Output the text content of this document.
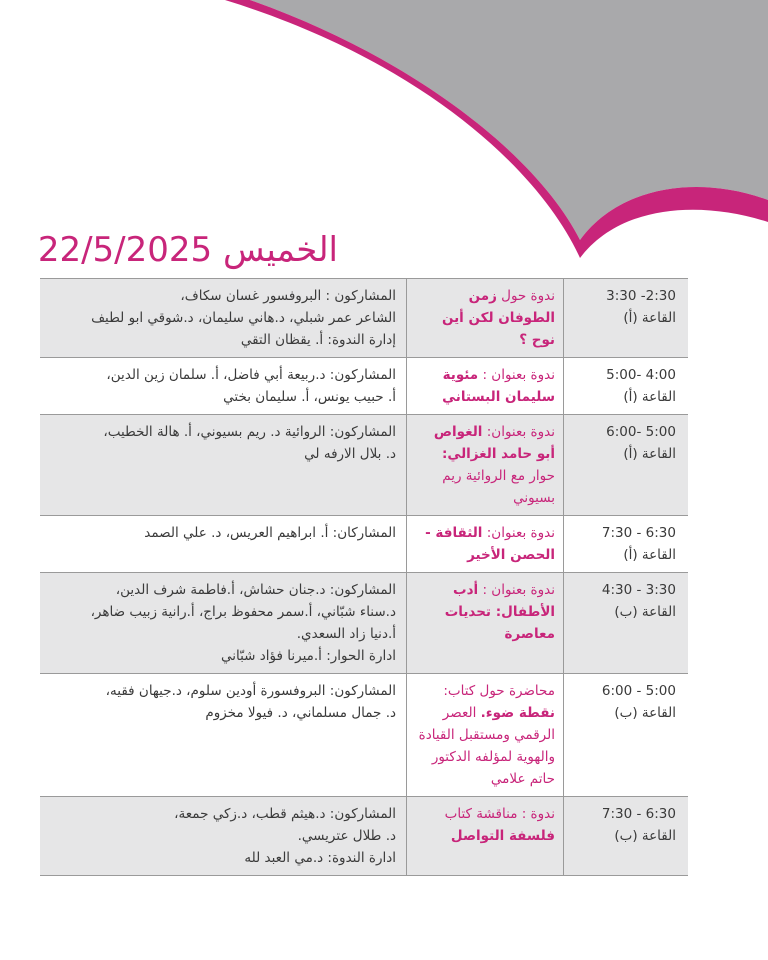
الخميس 22/5/2025
2:30- 3:30
القاعة (أ)	ندوة حول زمن الطوفان لكن أين نوح ؟	المشاركون : البروفسور غسان سكاف،
الشاعر عمر شبلي، د.هاني سليمان، د.شوقي ابو لطيف
إدارة الندوة: أ. يقظان التقي

4:00 -5:00
القاعة (أ)	ندوة بعنوان : مئوية سليمان البستاني	المشاركون: د.ربيعة أبي فاضل، أ. سلمان زين الدين،
أ. حبيب يونس، أ. سليمان بختي

5:00 -6:00
القاعة (أ)	ندوة بعنوان: الغواص أبو حامد الغزالي: حوار مع الروائية ريم بسيوني	المشاركون: الروائية د. ريم بسيوني، أ. هالة الخطيب،
د. بلال الارفه لي

6:30 - 7:30
القاعة (أ)	ندوة بعنوان: الثقافة - الحصن الأخير	المشاركان: أ. ابراهيم العريس، د. علي الصمد

3:30 - 4:30
القاعة (ب)	ندوة بعنوان : أدب الأطفال: تحديات معاصرة	المشاركون: د.جنان حشاش، أ.فاطمة شرف الدين،
د.سناء شبّاني، أ.سمر محفوظ براج، أ.رانية زبيب ضاهر،
أ.دنيا زاد السعدي.
ادارة الحوار: أ.ميرنا فؤاد شبّاني

5:00 - 6:00
القاعة (ب)	محاضرة حول كتاب: نقطة ضوء. العصر الرقمي ومستقبل القيادة والهوية لمؤلفه الدكتور حاتم علامي	المشاركون: البروفسورة أودين سلوم، د.جيهان فقيه،
د. جمال مسلماني، د. فيولا مخزوم

6:30 - 7:30
القاعة (ب)	ندوة : مناقشة كتاب فلسفة التواصل	المشاركون: د.هيثم قطب، د.زكي جمعة،
د. طلال عتريسي.
ادارة الندوة: د.مي العبد لله
